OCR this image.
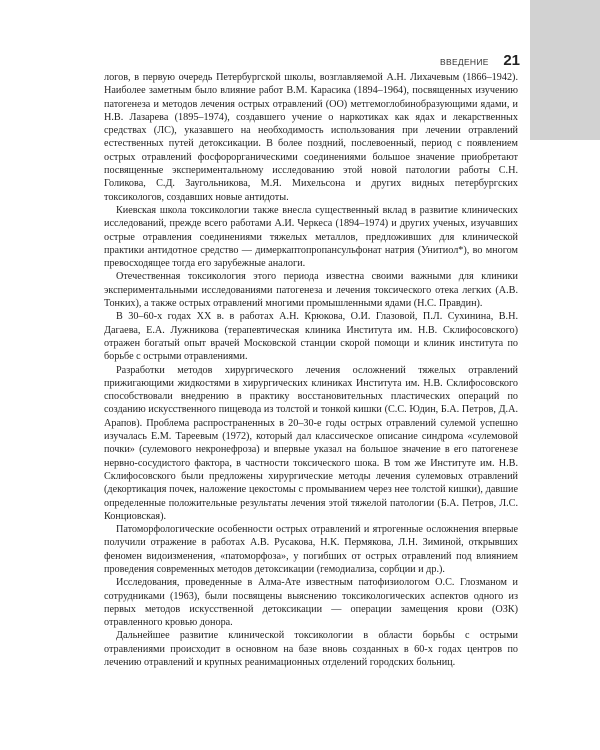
ВВЕДЕНИЕ 21

логов, в первую очередь Петербургской школы, возглавляемой А.Н. Лихачевым (1866–1942). Наиболее заметным было влияние работ В.М. Карасика (1894–1964), посвященных изучению патогенеза и методов лечения острых отравлений (ОО) метгемоглобинобразующими ядами, и Н.В. Лазарева (1895–1974), создавшего учение о наркотиках как ядах и лекарственных средствах (ЛС), указавшего на необходимость использования при лечении отравлений естественных путей детоксикации. В более поздний, послевоенный, период с появлением острых отравлений фосфорорганическими соединениями большое значение приобретают посвященные экспериментальному исследованию этой новой патологии работы С.Н. Голикова, С.Д. Заугольникова, М.Я. Михельсона и других видных петербургских токсикологов, создавших новые антидоты.

Киевская школа токсикологии также внесла существенный вклад в развитие клинических исследований, прежде всего работами А.И. Черкеса (1894–1974) и других ученых, изучавших острые отравления соединениями тяжелых металлов, предложивших для клинической практики антидотное средство — димеркаптопропансульфонат натрия (Унитиол*), во многом превосходящее тогда его зарубежные аналоги.

Отечественная токсикология этого периода известна своими важными для клиники экспериментальными исследованиями патогенеза и лечения токсического отека легких (А.В. Тонких), а также острых отравлений многими промышленными ядами (Н.С. Правдин).

В 30–60-х годах XX в. в работах А.Н. Крюкова, О.И. Глазовой, П.Л. Сухинина, В.Н. Дагаева, Е.А. Лужникова (терапевтическая клиника Института им. Н.В. Склифосовского) отражен богатый опыт врачей Московской станции скорой помощи и клиник института по борьбе с острыми отравлениями.

Разработки методов хирургического лечения осложнений тяжелых отравлений прижигающими жидкостями в хирургических клиниках Института им. Н.В. Склифосовского способствовали внедрению в практику восстановительных пластических операций по созданию искусственного пищевода из толстой и тонкой кишки (С.С. Юдин, Б.А. Петров, Д.А. Арапов). Проблема распространенных в 20–30-е годы острых отравлений сулемой успешно изучалась Е.М. Тареевым (1972), который дал классическое описание синдрома «сулемовой почки» (сулемового некронефроза) и впервые указал на большое значение в его патогенезе нервно-сосудистого фактора, в частности токсического шока. В том же Институте им. Н.В. Склифосовского были предложены хирургические методы лечения сулемовых отравлений (декортикация почек, наложение цекостомы с промыванием через нее толстой кишки), давшие определенные положительные результаты лечения этой тяжелой патологии (Б.А. Петров, Л.С. Конциовская).

Патоморфологические особенности острых отравлений и ятрогенные осложнения впервые получили отражение в работах А.В. Русакова, Н.К. Пермякова, Л.Н. Зиминой, открывших феномен видоизменения, «патоморфоза», у погибших от острых отравлений под влиянием проведения современных методов детоксикации (гемодиализа, сорбции и др.).

Исследования, проведенные в Алма-Ате известным патофизиологом О.С. Глозманом и сотрудниками (1963), были посвящены выяснению токсикологических аспектов одного из первых методов искусственной детоксикации — операции замещения крови (ОЗК) отравленного кровью донора.

Дальнейшее развитие клинической токсикологии в области борьбы с острыми отравлениями происходит в основном на базе вновь созданных в 60-х годах центров по лечению отравлений и крупных реанимационных отделений городских больниц.
